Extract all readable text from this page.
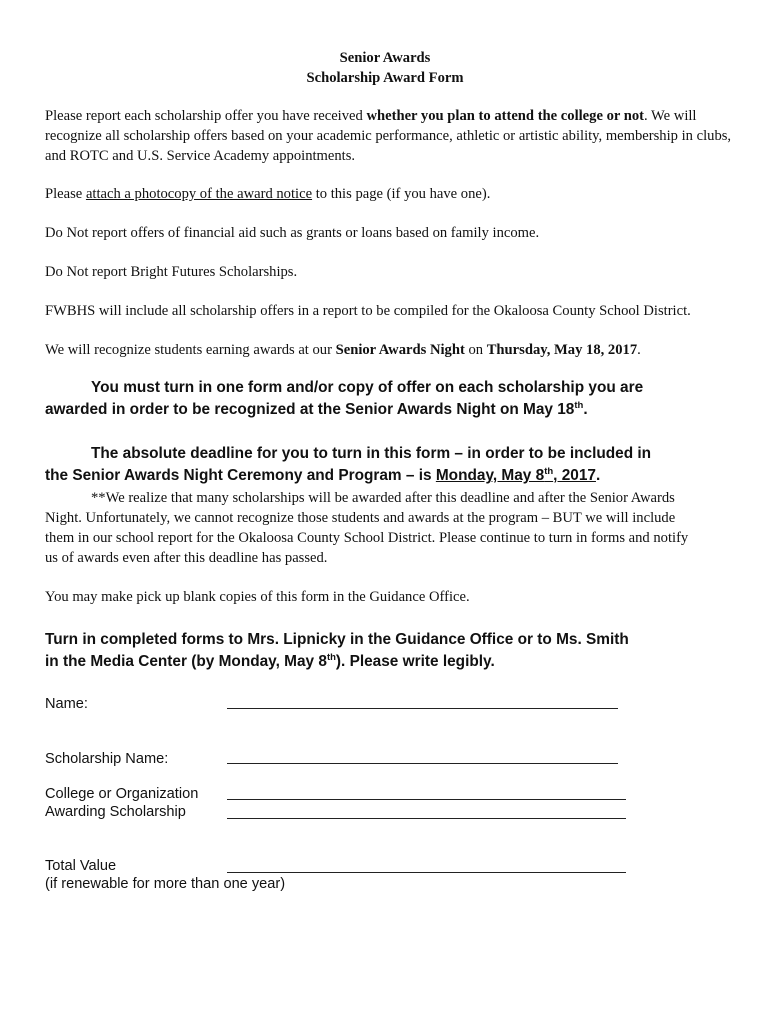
Senior Awards
Scholarship Award Form
Please report each scholarship offer you have received whether you plan to attend the college or not. We will recognize all scholarship offers based on your academic performance, athletic or artistic ability, membership in clubs, and ROTC and U.S. Service Academy appointments.
Please attach a photocopy of the award notice to this page (if you have one).
Do Not report offers of financial aid such as grants or loans based on family income.
Do Not report Bright Futures Scholarships.
FWBHS will include all scholarship offers in a report to be compiled for the Okaloosa County School District.
We will recognize students earning awards at our Senior Awards Night on Thursday, May 18, 2017.
You must turn in one form and/or copy of offer on each scholarship you are
awarded in order to be recognized at the Senior Awards Night on May 18th.
The absolute deadline for you to turn in this form – in order to be included in
the Senior Awards Night Ceremony and Program – is Monday, May 8th, 2017.
**We realize that many scholarships will be awarded after this deadline and after the Senior Awards
Night. Unfortunately, we cannot recognize those students and awards at the program – BUT we will include
them in our school report for the Okaloosa County School District. Please continue to turn in forms and notify
us of awards even after this deadline has passed.
You may make pick up blank copies of this form in the Guidance Office.
Turn in completed forms to Mrs. Lipnicky in the Guidance Office or to Ms. Smith
in the Media Center (by Monday, May 8th). Please write legibly.
Name:
Scholarship Name:
College or Organization
Awarding Scholarship
Total Value
(if renewable for more than one year)
